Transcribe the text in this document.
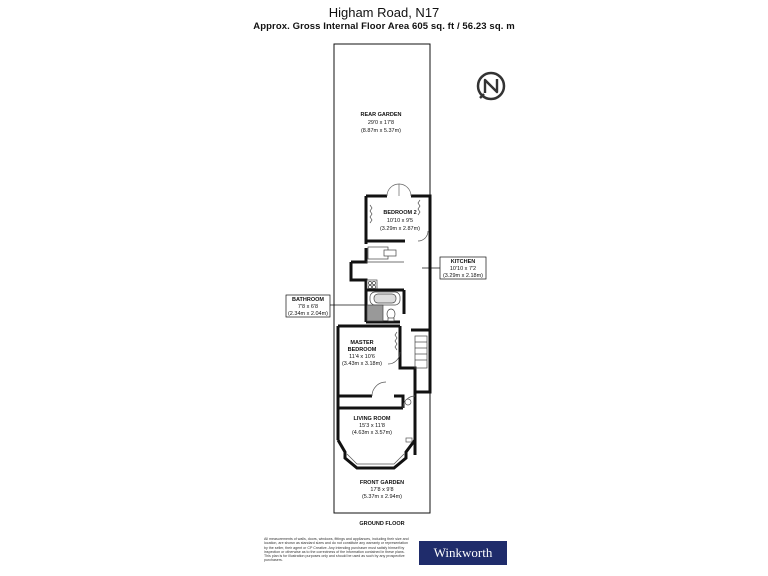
Higham Road, N17
Approx. Gross Internal Floor Area 605 sq. ft / 56.23 sq. m
REAR GARDEN
29'0 x 17'8
(8.87m x 5.37m)
BEDROOM 2
10'10 x 9'5
(3.29m x 2.87m)
KITCHEN
10'10 x 7'2
(3.29m x 2.18m)
BATHROOM
7'8 x 6'8
(2.34m x 2.04m)
MASTER
BEDROOM
11'4 x 10'6
(3.43m x 3.18m)
LIVING ROOM
15'3 x 11'8
(4.63m x 3.57m)
FRONT GARDEN
17'8 x 9'8
(5.37m x 2.94m)
GROUND FLOOR

All measurements of walls, doors, windows, fittings and appliances, including their size and location, are shown as standard sizes and do not constitute any warranty or representation by the seller, their agent or CP Creative. Any intending purchaser must satisfy himself by inspection or otherwise as to the correctness of the information contained in these plans. This plan is for illustration purposes only and should be used as such by any prospective purchasers.

Winkworth
